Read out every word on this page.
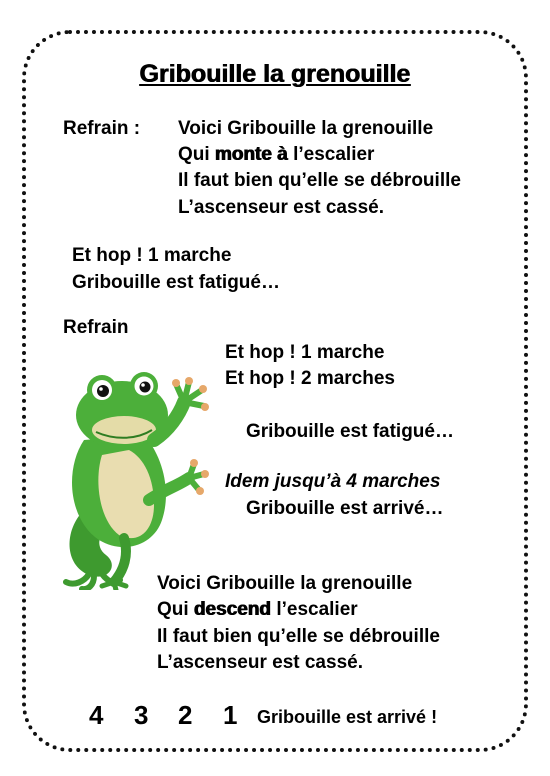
Gribouille la grenouille
Refrain : Voici Gribouille la grenouille
Qui monte à l’escalier
Il faut bien qu’elle se débrouille
L’ascenseur est cassé.
Et hop ! 1 marche
Gribouille est fatigué…
Refrain
Et hop ! 1 marche
Et hop ! 2 marches
Gribouille est fatigué…
Idem jusqu’à 4 marches
Gribouille est arrivé…
Voici Gribouille la grenouille
Qui descend l’escalier
Il faut bien qu’elle se débrouille
L’ascenseur est cassé.
4 3 2 1 Gribouille est arrivé !
